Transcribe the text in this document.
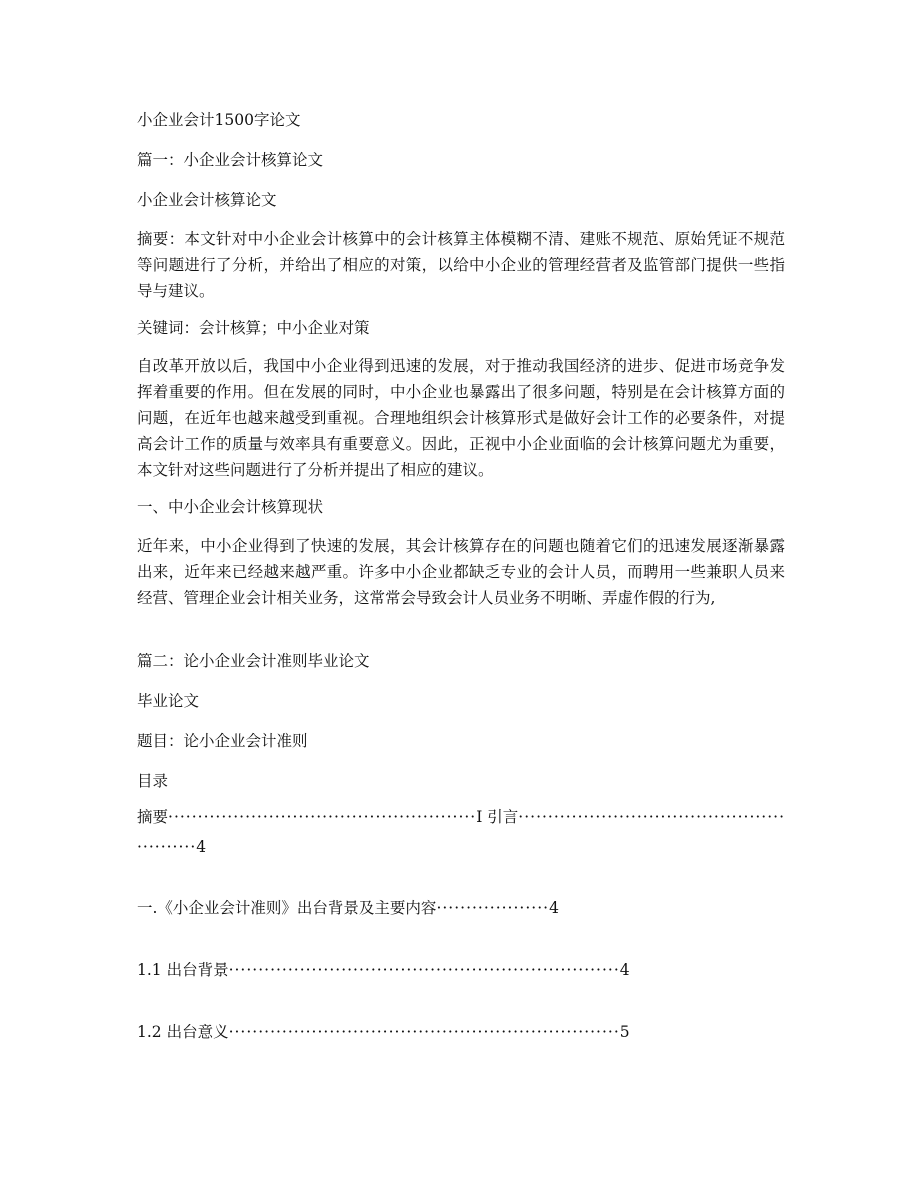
小企业会计1500字论文
篇一：小企业会计核算论文
小企业会计核算论文
摘要：本文针对中小企业会计核算中的会计核算主体模糊不清、建账不规范、原始凭证不规范等问题进行了分析，并给出了相应的对策，以给中小企业的管理经营者及监管部门提供一些指导与建议。
关键词：会计核算；中小企业对策
自改革开放以后，我国中小企业得到迅速的发展，对于推动我国经济的进步、促进市场竞争发挥着重要的作用。但在发展的同时，中小企业也暴露出了很多问题，特别是在会计核算方面的问题，在近年也越来越受到重视。合理地组织会计核算形式是做好会计工作的必要条件，对提高会计工作的质量与效率具有重要意义。因此，正视中小企业面临的会计核算问题尤为重要，本文针对这些问题进行了分析并提出了相应的建议。
一、中小企业会计核算现状
近年来，中小企业得到了快速的发展，其会计核算存在的问题也随着它们的迅速发展逐渐暴露出来，近年来已经越来越严重。许多中小企业都缺乏专业的会计人员，而聘用一些兼职人员来经营、管理企业会计相关业务，这常常会导致会计人员业务不明晰、弄虚作假的行为,
篇二：论小企业会计准则毕业论文
毕业论文
题目：论小企业会计准则
目录
摘要····················································I 引言·······················································4
一.《小企业会计准则》出台背景及主要内容···················4
1.1 出台背景··································································4
1.2 出台意义··································································5
